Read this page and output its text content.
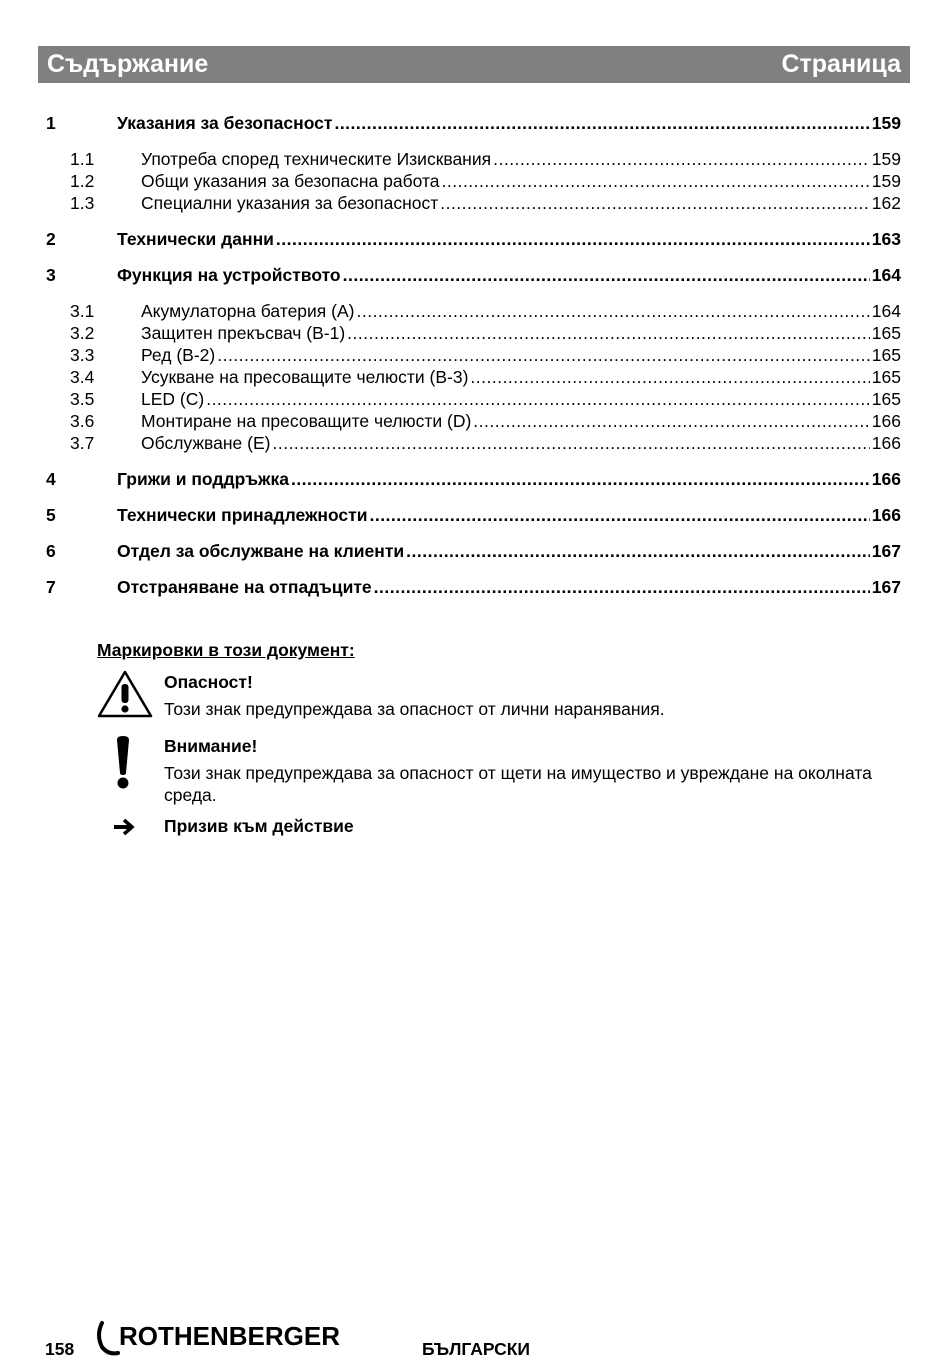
Съдържание	Страница
1	Указания за безопасност .....	159
1.1	Употреба според техническите Изисквания .....	159
1.2	Общи указания за безопасна работа .....	159
1.3	Специални указания за безопасност .....	162
2	Технически данни .....	163
3	Функция на устройството .....	164
3.1	Акумулаторна батерия (A) .....	164
3.2	Защитен прекъсвач (B-1) .....	165
3.3	Ред (B-2) .....	165
3.4	Усукване на пресоващите челюсти (B-3) .....	165
3.5	LED (C) .....	165
3.6	Монтиране на пресоващите челюсти (D) .....	166
3.7	Обслужване (E) .....	166
4	Грижи и поддръжка .....	166
5	Технически принадлежности .....	166
6	Отдел за обслужване на клиенти .....	167
7	Отстраняване на отпадъците .....	167
Маркировки в този документ:
Опасност!
Този знак предупреждава за опасност от лични наранявания.
Внимание!
Този знак предупреждава за опасност от щети на имущество и увреждане на околната среда.
Призив към действие
158 ROTHENBERGER	БЪЛГАРСКИ
